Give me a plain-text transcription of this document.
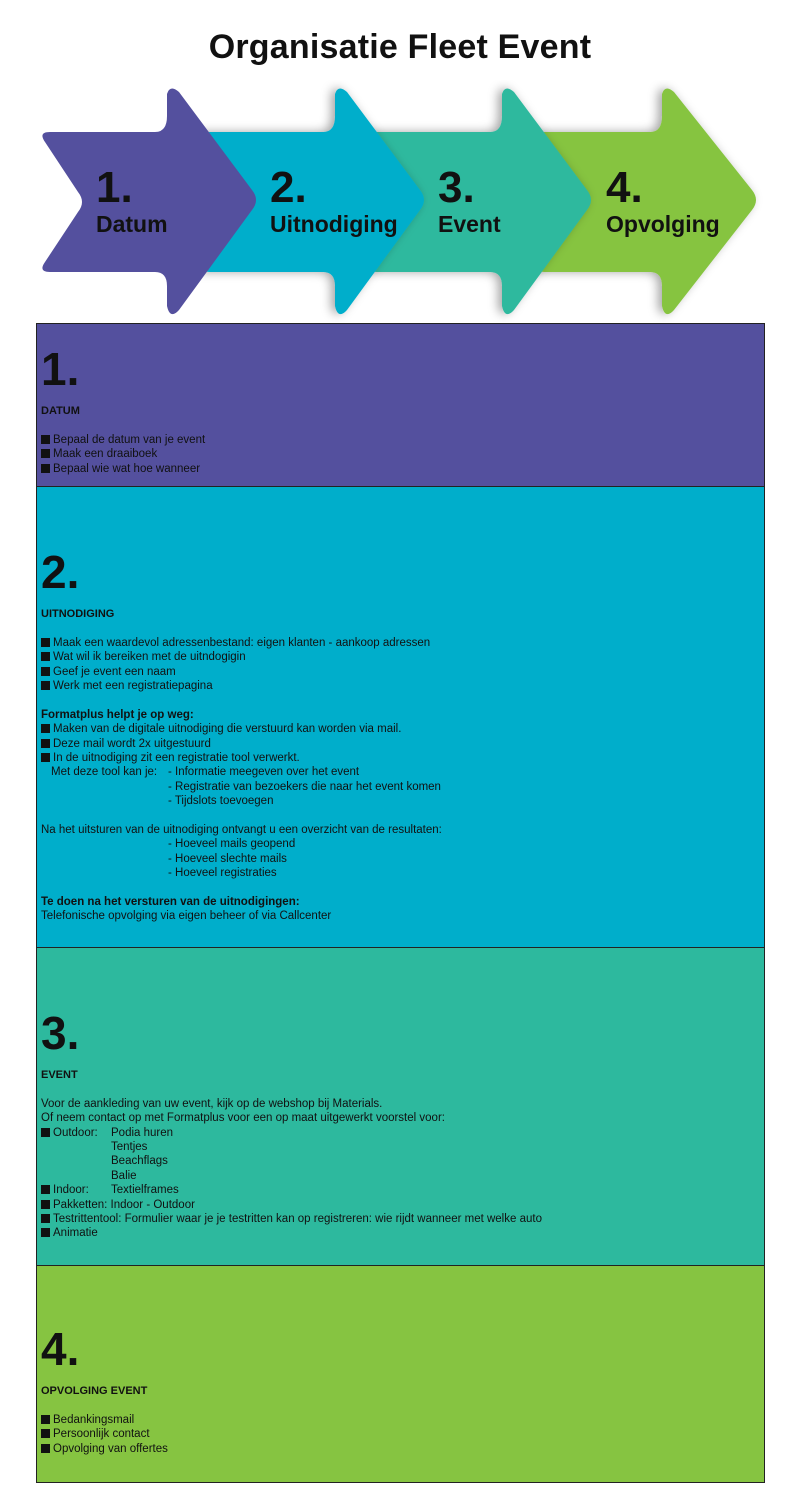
Organisatie Fleet Event
1.
Datum
2.
Uitnodiging
3.
Event
4.
Opvolging
1.
DATUM
Bepaal de datum van je event
Maak een draaiboek
Bepaal wie wat hoe wanneer
2.
UITNODIGING
Maak een waardevol adressenbestand: eigen klanten - aankoop adressen
Wat wil ik bereiken met de uitndogigin
Geef je event een naam
Werk met een registratiepagina
Formatplus helpt je op weg:
Maken van de digitale uitnodiging die verstuurd kan worden via mail.
Deze mail wordt 2x uitgestuurd
In de uitnodiging zit een registratie tool verwerkt.
Met deze tool kan je: - Informatie meegeven over het event
- Registratie van bezoekers die naar het event komen
- Tijdslots toevoegen
Na het uitsturen van de uitnodiging ontvangt u een overzicht van de resultaten:
- Hoeveel mails geopend
- Hoeveel slechte mails
- Hoeveel registraties
Te doen na het versturen van de uitnodigingen:
Telefonische opvolging via eigen beheer of via Callcenter
3.
EVENT
Voor de aankleding van uw event, kijk op de webshop bij Materials.
Of neem contact op met Formatplus voor een op maat uitgewerkt voorstel voor:
Outdoor: Podia huren
Tentjes
Beachflags
Balie
Indoor: Textielframes
Pakketten: Indoor - Outdoor
Testrittentool: Formulier waar je je testritten kan op registreren: wie rijdt wanneer met welke auto
Animatie
4.
OPVOLGING EVENT
Bedankingsmail
Persoonlijk contact
Opvolging van offertes
